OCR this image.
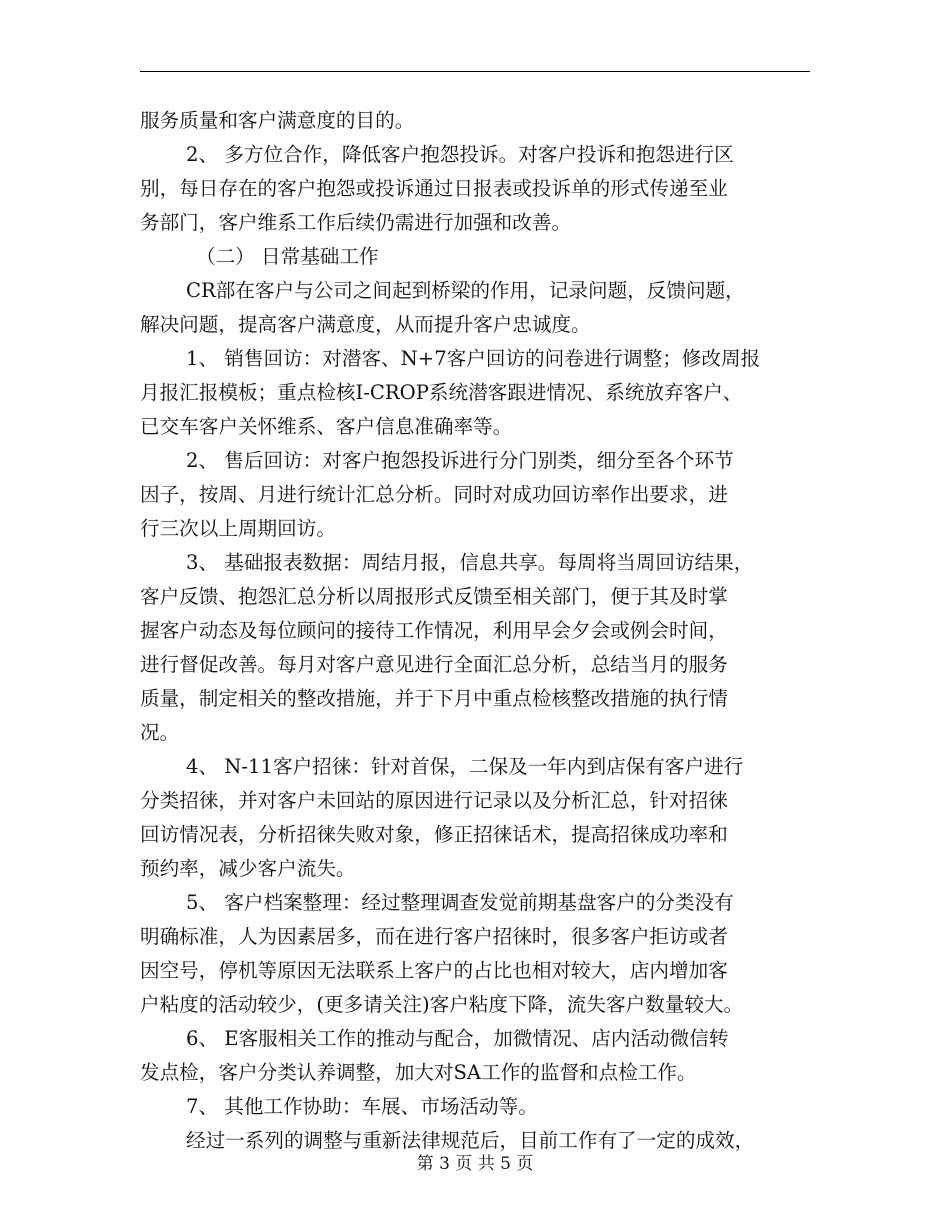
服务质量和客户满意度的目的。
2、 多方位合作，降低客户抱怨投诉。对客户投诉和抱怨进行区
别，每日存在的客户抱怨或投诉通过日报表或投诉单的形式传递至业
务部门，客户维系工作后续仍需进行加强和改善。
（二） 日常基础工作
CR部在客户与公司之间起到桥梁的作用，记录问题，反馈问题，
解决问题，提高客户满意度，从而提升客户忠诚度。
1、 销售回访：对潜客、N+7客户回访的问卷进行调整；修改周报
月报汇报模板；重点检核I-CROP系统潜客跟进情况、系统放弃客户、
已交车客户关怀维系、客户信息准确率等。
2、 售后回访：对客户抱怨投诉进行分门别类，细分至各个环节
因子，按周、月进行统计汇总分析。同时对成功回访率作出要求，进
行三次以上周期回访。
3、 基础报表数据：周结月报，信息共享。每周将当周回访结果，
客户反馈、抱怨汇总分析以周报形式反馈至相关部门，便于其及时掌
握客户动态及每位顾问的接待工作情况，利用早会夕会或例会时间，
进行督促改善。每月对客户意见进行全面汇总分析，总结当月的服务
质量，制定相关的整改措施，并于下月中重点检核整改措施的执行情
况。
4、 N-11客户招徕：针对首保，二保及一年内到店保有客户进行
分类招徕，并对客户未回站的原因进行记录以及分析汇总，针对招徕
回访情况表，分析招徕失败对象，修正招徕话术，提高招徕成功率和
预约率，减少客户流失。
5、 客户档案整理：经过整理调查发觉前期基盘客户的分类没有
明确标准，人为因素居多，而在进行客户招徕时，很多客户拒访或者
因空号，停机等原因无法联系上客户的占比也相对较大，店内增加客
户粘度的活动较少，(更多请关注)客户粘度下降，流失客户数量较大。
6、 E客服相关工作的推动与配合，加微情况、店内活动微信转
发点检，客户分类认养调整，加大对SA工作的监督和点检工作。
7、 其他工作协助：车展、市场活动等。
经过一系列的调整与重新法律规范后，目前工作有了一定的成效，
第 3 页 共 5 页
